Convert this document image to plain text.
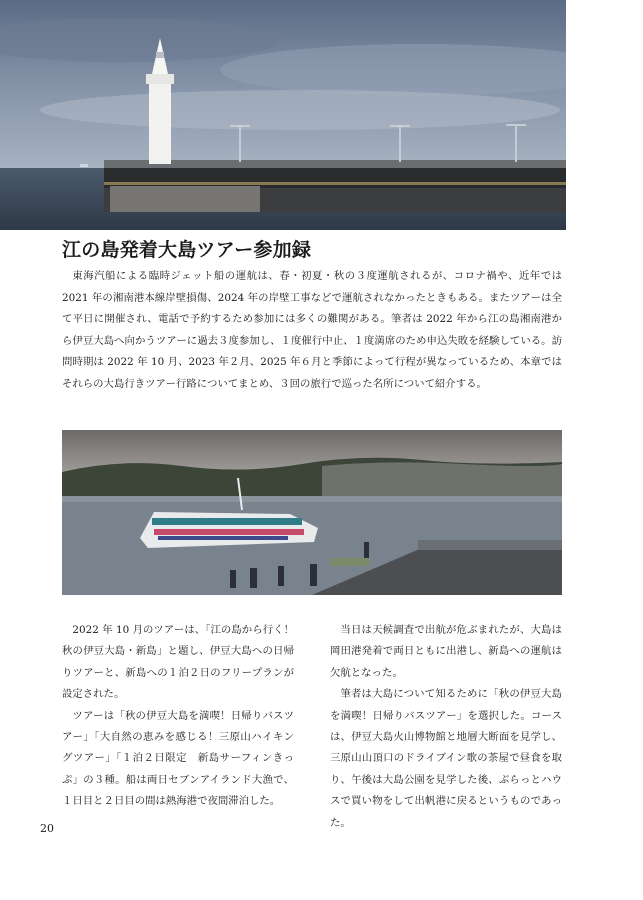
江の島発着大島ツアー参加録

東海汽船による臨時ジェット船の運航は、春・初夏・秋の３度運航されるが、コロナ禍や、近年では 2021 年の湘南港本線岸壁損傷、2024 年の岸壁工事などで運航されなかったときもある。またツアーは全て平日に開催され、電話で予約するため参加には多くの難関がある。筆者は 2022 年から江の島湘南港から伊豆大島へ向かうツアーに過去３度参加し、１度催行中止、１度満席のため申込失敗を経験している。訪問時期は 2022 年 10 月、2023 年２月、2025 年６月と季節によって行程が異なっているため、本章ではそれらの大島行きツアー行路についてまとめ、３回の旅行で巡った名所について紹介する。

2022 年 10 月のツアーは、「江の島から行く！秋の伊豆大島・新島」と題し、伊豆大島への日帰りツアーと、新島への１泊２日のフリープランが設定された。

ツアーは「秋の伊豆大島を満喫！日帰りバスツアー」「大自然の恵みを感じる！三原山ハイキングツアー」「１泊２日限定　新島サーフィンきっぷ」の３種。船は両日セブンアイランド大漁で、１日目と２日目の間は熱海港で夜間滞泊した。

当日は天候調査で出航が危ぶまれたが、大島は岡田港発着で両日ともに出港し、新島への運航は欠航となった。

筆者は大島について知るために「秋の伊豆大島を満喫！日帰りバスツアー」を選択した。コースは、伊豆大島火山博物館と地層大断面を見学し、三原山山頂口のドライブイン歌の茶屋で昼食を取り、午後は大島公園を見学した後、ぶらっとハウスで買い物をして出帆港に戻るというものであった。

20
